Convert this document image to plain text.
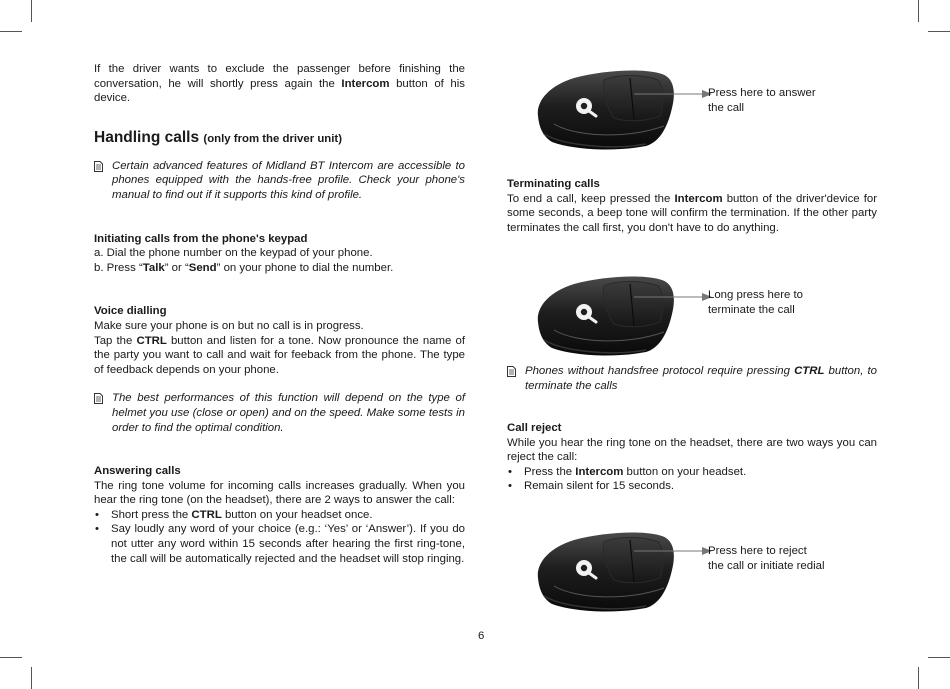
If the driver wants to exclude the passenger before finishing the conversation, he will shortly press again the Intercom button of his device.

Handling calls (only from the driver unit)
Certain advanced features of Midland BT Intercom are accessible to phones equipped with the hands-free profile. Check your phone's manual to find out if it supports this kind of profile.
Initiating calls from the phone's keypad

a. Dial the phone number on the keypad of your phone.

b. Press “Talk” or “Send” on your phone to dial the number.

Voice dialling

Make sure your phone is on but no call is in progress.

Tap the CTRL button and listen for a tone. Now pronounce the name of the party you want to call and wait for feeback from the phone. The type of feedback depends on your phone.

The best performances of this function will depend on the type of helmet you use (close or open) and on the speed. Make some tests in order to find the optimal condition.
Answering calls

The ring tone volume for incoming calls increases gradually. When you hear the ring tone (on the headset), there are 2 ways to answer the call:

• Short press the CTRL button on your headset once.
• Say loudly any word of your choice (e.g.: ‘Yes’ or ‘Answer’). If you do not utter any word within 15 seconds after hearing the first ring-tone, the call will be automatically rejected and the headset will stop ringing.
Press here to answer
the call
Terminating calls

To end a call, keep pressed the Intercom button of the driver'device for some seconds, a beep tone will confirm the termination. If the other party terminates the call first, you don't have to do anything.

Long press here to
terminate the call
Phones without handsfree protocol require pressing CTRL button, to terminate the calls
Call reject

While you hear the ring tone on the headset, there are two ways you can reject the call:

• Press the Intercom button on your headset.
• Remain silent for 15 seconds.
Press here to reject
the call or initiate redial
6
